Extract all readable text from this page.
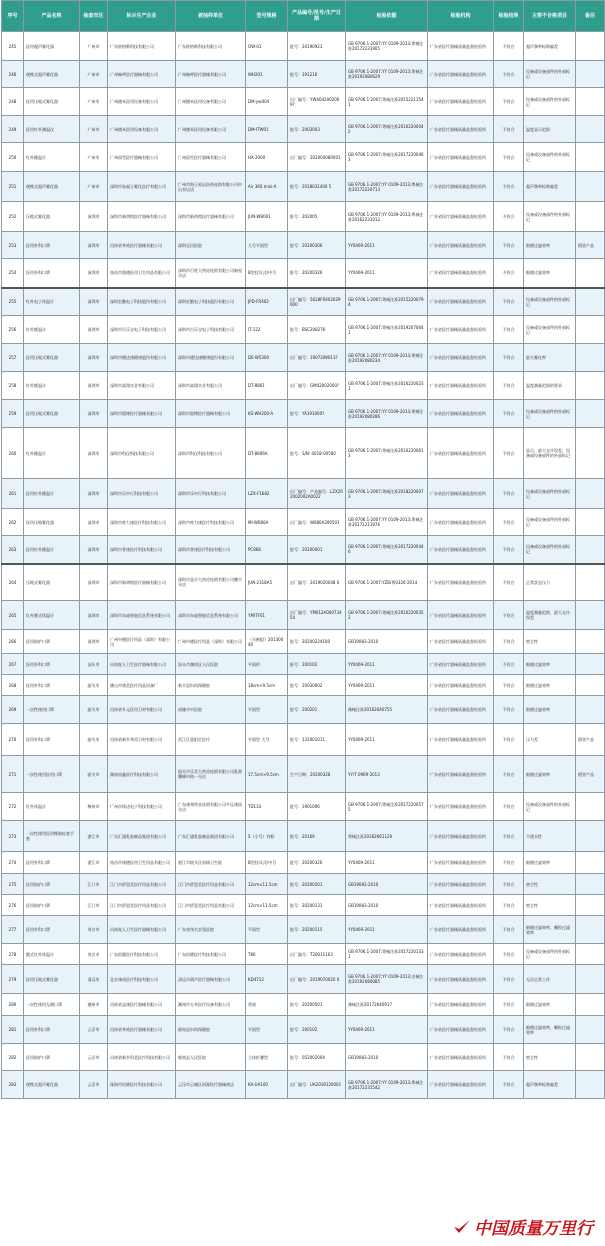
序号	产品名称	抽查市区	标示生产企业	被抽样单位	型号规格	产品编号/批号/生产日期	检验依据	检验机构	检验结果	主要不合格项目	备注
245	医用超声雾化器	广州市	广东欧格斯科技有限公司	广东欧格斯科技有限公司	OW-01	批号：20190923	GB 9706.1-2007;YY 0109-2013;粤械注准20172231905	广东省医疗器械质量监督检验所	不符合	超声频率标称偏差	
246	便携式超声雾化器	广州市	广州畅呼医疗器械有限公司	广州畅呼医疗器械有限公司	WH201	批号：191216	GB 9706.1-2007;YY 0109-2013;粤械注准20192080629	广东省医疗器械质量监督检验所	不符合	设备或设备部件的外部标记	
248	医用压缩式雾化器	广州市	广州德米医用设备有限公司	广州德米医用设备有限公司	DM-yw404	出厂编号：YW4042002009?	GB 9706.1-2007;粤械注准20152211541	广东省医疗器械质量监督检验所	不符合	设备或设备部件的外部标记	
249	医用红外测温仪	广州市	广州德米医用设备有限公司	广州德米医用设备有限公司	DM-ITW01	批号：2003003	GB 9706.1-2007;粤械注准20162200042	广东省医疗器械质量监督检验所	不符合	温度显示范围	
250	红外额温计	广州市	广州雨雪医疗器械有限公司	广州雨雪医疗器械有限公司	HX-2000	出厂编号：202004080001	GB 9706.1-2007;粤械注准20172200463	广东省医疗器械质量监督检验所	不符合	设备或设备部件的外部标记	
251	便携式超声雾化器	广州市	深圳市朱福士雾化医疗有限公司	广州市海王星辰医药连锁有限公司中山杏坛店	Air 360 mini-A	批号：2018031400 5	GB 9706.1-2007;YY 0109-2013;粤械注准20172220713	广东省医疗器械质量监督检验所	不符合	超声频率标称偏差	
252	压缩式雾化器	深圳市	深圳市新鸿镕医疗器械有限公司	深圳市新鸿镕医疗器械有限公司	JUN-WB001	批号：202005	GB 9706.1-2007;YY 0109-2013;粤械注准20162231012	广东省医疗器械质量监督检验所	不符合	设备或设备部件的外部标记	
253	医用外科口罩	深圳市	河南省华裕医疗器械有限公司	深圳宝田医院	大号平面型	批号：20200306	YY0469-2011	广东省医疗器械质量监督检验所	不符合	细菌过滤效率	假冒产品
254	医用外科口罩	深圳市	南昌市奥德医用卫生用品有限公司	深圳市百姓大药房连锁有限公司新屋分店	B型挂耳式/中号	批号：20200326	YY0469-2011	广东省医疗器械质量监督检验所	不符合	细菌过滤效率	
255	红外电子体温计	深圳市	深圳宏勤电子科技股份有限公司	深圳宏勤电子科技股份有限公司	JPD-FR402	出厂编号：5628FR402029600	GB 9706.1-2007;粤械注准20152200794	广东省医疗器械质量监督检验所	不符合	设备或设备部件的外部标记	
256	红外额温计	深圳市	深圳市百乐宝电子科技有限公司	深圳市百乐宝电子科技有限公司	IT-122	批号：BSC208276	GB 9706.1-2007;粤械注准20192070641	广东省医疗器械质量监督检验所	不符合	设备或设备部件的外部标记	
257	医用压缩式雾化器	深圳市	深圳市德达康健康股份有限公司	深圳市德达康健康股份有限公司	DE-W5300	出厂编号：19073IW013?	GB 9706.1-2007;YY 0109-2013;粤械注准20192080234	广东省医疗器械质量监督检验所	不符合	最大雾化率	
258	红外额温计	深圳市	深圳市高翔实业有限公司	深圳市高翔实业有限公司	DT-8861	出厂编号：GM42002000?	GB 9706.1-2007;粤械注准20162200231	广东省医疗器械质量监督检验所	不符合	温度测量范围的要求	
259	医用压缩式雾化器	深圳市	深圳市奥博医疗器械有限公司	深圳市奥博医疗器械有限公司	KS-WH200-A	批号：YA191000?	GB 9706.1-2007;YY 0109-2013;粤械注准20192080286	广东省医疗器械质量监督检验所	不符合	设备或设备部件的外部标记	
260	红外额温计	深圳市	深圳市科仪科技有限公司	深圳市科仪科技有限公司	DT-8806A	批号：S/N: 0018-00500	GB 9706.1-2007;粤械注准20162200613	广东省医疗器械质量监督检验所	不符合	显示，最大允许误差，设备或设备部件的外部标记	
261	医用红外额温计	深圳市	深圳市乐中行科技有限公司	深圳市乐中行科技有限公司	LZX-F1682	出厂编号：产品编号：LZX202002002A0022	GB 9706.1-2007;粤械注准20182200073	广东省医疗器械质量监督检验所	不符合	设备或设备部件的外部标记	
262	医用压缩雾化器	深圳市	深圳市库力康医疗科技有限公司	深圳市库力康医疗科技有限公司	MI-W680A	出厂编号：W680A200501	GB 9706.1-2007;YY 0109-2013;粤械注准20172211976	广东省医疗器械质量监督检验所	不符合	设备或设备部件的外部标记	
263	医用红外额温计	深圳市	深圳市普康医疗科技有限公司	深圳市普康医疗科技有限公司	PC868	批号：20200001	GB 9706.1-2007;粤械注准20172200446	广东省医疗器械质量监督检验所	不符合	设备或设备部件的外部标记	
264	压缩式雾化器	深圳市	深圳市新鸿镕医疗器械有限公司	深圳市益丰大药房连锁有限公司鹏兴分店	JUN-2318A5	出厂编号：2019020048 0	GB 9706.1-2007;YZB/粤0326-2014	广东省医疗器械质量监督检验所	不符合	正常状态压力	
265	红外额式体温计	深圳市	深圳市东迪智能信息系统有限公司	深圳市东迪智能信息系统有限公司	YMITF01	出厂编号：YM012A00073454	GB 9706.1-2007;粤械注准20162200352	广东省医疗器械质量监督检验所	不符合	温度测量范围，最大允许误差	
266	医用防护口罩	深圳市	广州中德医疗用品（深圳）有限公司	广州中德医疗用品（深圳）有限公司	（买断提）20130040	批号：20200224100	GB19083-2010	广东省医疗器械质量监督检验所	不符合	密合性	
267	医用外科口罩	汕头市	河南驼人卫生医疗器械有限公司	汕头市潮南区人民医院	平面形	批号：200102	YY0469-2011	广东省医疗器械质量监督检验所	不符合	细菌过滤效率	
268	医用外科口罩	韶关市	佛山市康美医疗用品设备厂	新丰县妇幼保健院	18cm×9.5cm	批号：20030602	YY0469-2011	广东省医疗器械质量监督检验所	不符合	细菌过滤效率	
269	一次性使用口罩	韶关市	河南省升元医用卫材有限公司	南雄市中医院	平面型	批号：200201	豫械注准20162640755	广东省医疗器械质量监督检验所	不符合	细菌过滤效率	
270	医用外科口罩	韶关市	河南省新乡华西卫材有限公司	武江区重阳定医疗	平面型 大号	批号：132001011	YY0469-2011	广东省医疗器械质量监督检验所	不符合	压力差	假冒产品
271	一次性使用医用口罩	韶关市	湖南南鑫医疗科技有限公司	韶关市乐美大药房连锁有限公司乳源鹰峰中路一分店	17.5cm×9.5cm	生产日期：20200328	YY/T 0969-2013	广东省医疗器械质量监督检验所	不符合	细菌过滤效率	假冒产品
272	红外体温计	梅州市	广州市体达电子科技有限公司	广东康邦药业连锁有限公司平远康岚分店	TD133	批号：1901006	GB 9706.1-2007;粤械注准20172200575	广东省医疗器械质量监督检验所	不符合	设备或设备部件的外部标记	
273	一次性使用医用橡胶检查手套	湛江市	广东汇通乳胶制品集团有限公司	广东汇通乳胶制品集团有限公司	S（小号）有粉	批号：20169	粤械注准20162661129	广东省医疗器械质量监督检验所	不符合	不透水性	
274	医用外科口罩	湛江市	南昌市康德医用卫生用品有限公司	湛江市坡头区南调卫生院	B型挂耳式/中号	批号：20200326	YY0469-2011	广东省医疗器械质量监督检验所	不符合	细菌过滤效率	
275	医用防护口罩	江门市	江门市侨恩美医疗用品有限公司	江门市侨恩美医疗用品有限公司	12cm×11.5cm	批号：20200201	GB19083-2010	广东省医疗器械质量监督检验所	不符合	密合性	
276	医用防护口罩	江门市	江门市侨恩美医疗用品有限公司	江门市侨恩美医疗用品有限公司	12cm×11.5cm	批号：20200131	GB19083-2010	广东省医疗器械质量监督检验所	不符合	密合性	
277	医用外科口罩	茂名市	河南驼人卫生医疗器械有限公司	广东省茂名农垦医院	平面型	批号：20200115	YY0469-2011	广东省医疗器械质量监督检验所	不符合	细菌过滤效率，颗粒过滤效率	
278	额式红外体温计	茂名市	广东倍健医疗科技有限公司	广东倍健医疗科技有限公司	T80	出厂编号：T20011103	GB 9706.1-2007;粤械注准20172201331	广东省医疗器械质量监督检验所	不符合	设备或设备部件的外部标记	
279	医用压缩式雾化器	清远市	北京康成医疗科技有限公司	清远市葫芦医疗器械有限公司	KD4712	出厂编号：2019070020 0	GB 9706.1-2007;YY 0109-2013;京械注准20192080085	广东省医疗器械质量监督检验所	不符合	无法正常工作	
280	一次性使用无菌口罩	潮州市	河南省益康医疗器械有限公司	潮州市方舟医疗设备有限公司	常规	批号：20200501	豫械注准20172640917	广东省医疗器械质量监督检验所	不符合	细菌过滤效率	
281	医用外科口罩	云浮市	河南省华裕医疗器械有限公司	郁南县妇幼保健院	平面型	批号：200102	YY0469-2011	广东省医疗器械质量监督检验所	不符合	细菌过滤效率，颗粒过滤效率	
282	医用防护口罩	云浮市	河南省新乡科美医疗科技有限公司	郁南县人民医院	立体折叠型	批号：052002004	GB19083-2010	广东省医疗器械质量监督检验所	不符合	密合性	
283	便携式超声雾化器	云浮市	珠海市倍健医疗科技有限公司	云浮市云城区同源医疗器械商店	KA-UA100	出厂编号：UA2019120001	GB 9706.1-2007;YY 0109-2013;粤械注准20172231542	广东省医疗器械质量监督检验所	不符合	超声频率标称偏差	
中国质量万里行
